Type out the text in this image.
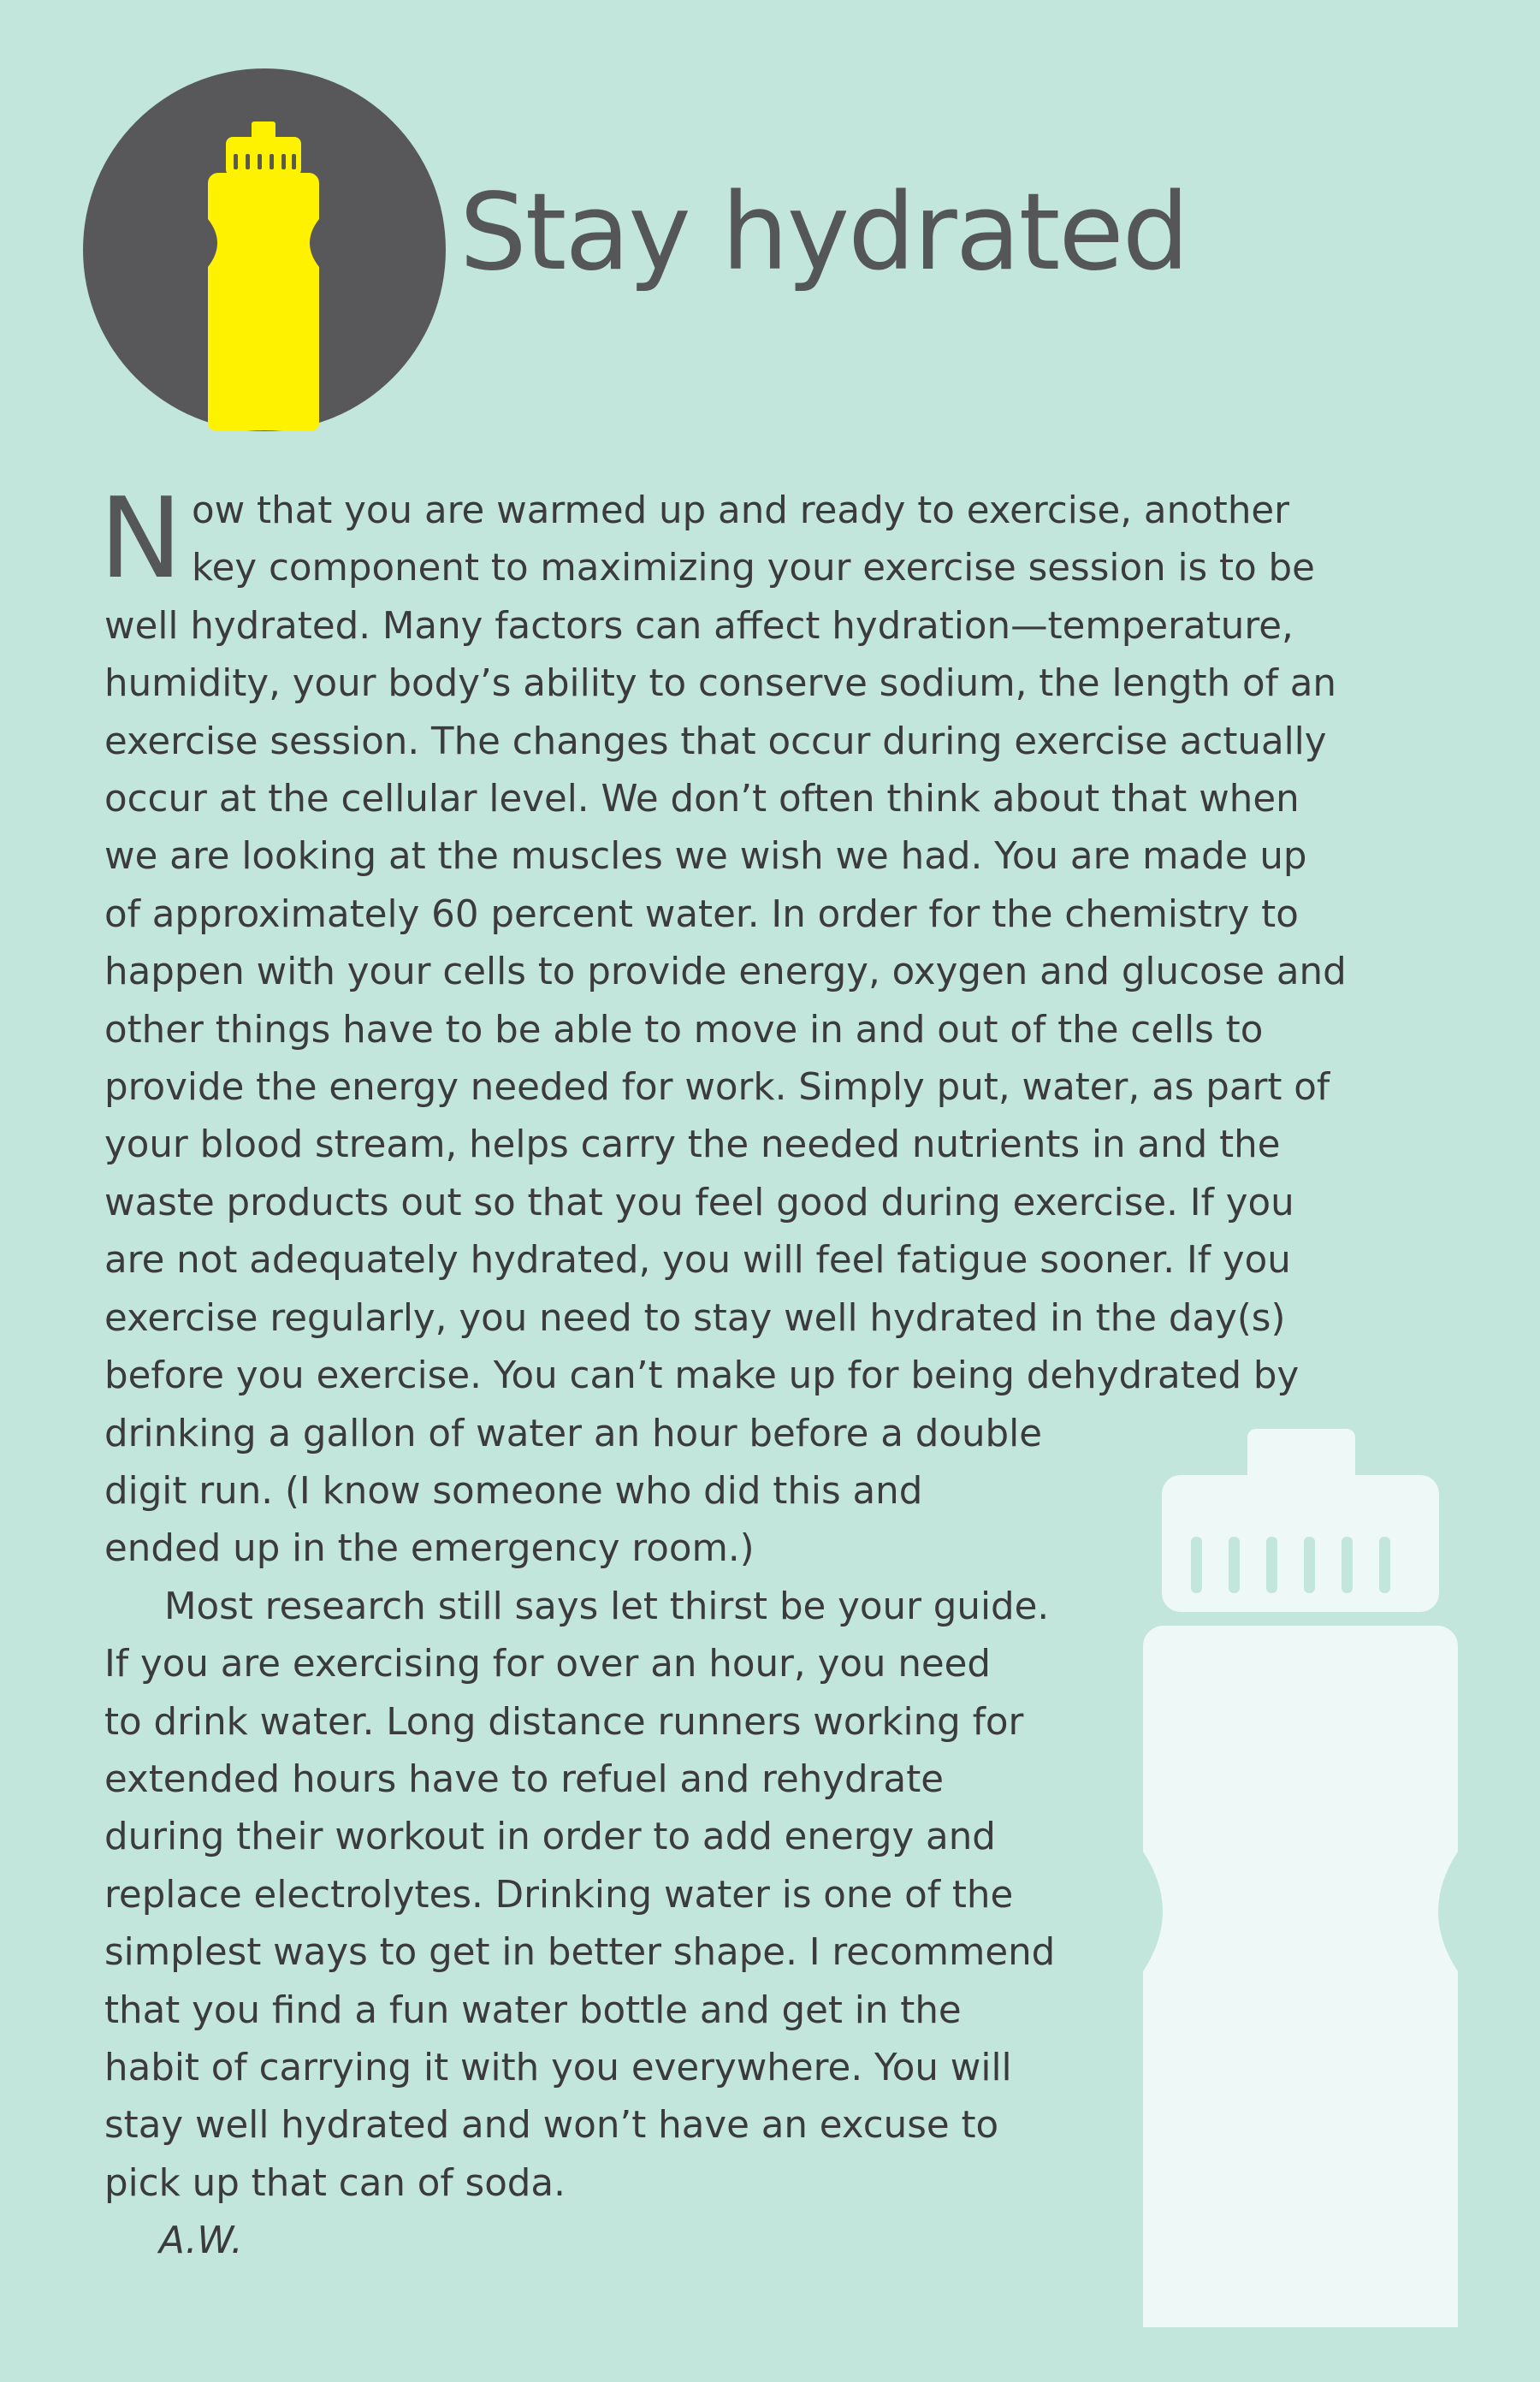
Stay hydrated
N ow that you are warmed up and ready to exercise, another
key component to maximizing your exercise session is to be
well hydrated. Many factors can affect hydration—temperature,
humidity, your body’s ability to conserve sodium, the length of an
exercise session. The changes that occur during exercise actually
occur at the cellular level. We don’t often think about that when
we are looking at the muscles we wish we had. You are made up
of approximately 60 percent water. In order for the chemistry to
happen with your cells to provide energy, oxygen and glucose and
other things have to be able to move in and out of the cells to
provide the energy needed for work. Simply put, water, as part of
your blood stream, helps carry the needed nutrients in and the
waste products out so that you feel good during exercise. If you
are not adequately hydrated, you will feel fatigue sooner. If you
exercise regularly, you need to stay well hydrated in the day(s)
before you exercise. You can’t make up for being dehydrated by
drinking a gallon of water an hour before a double
digit run. (I know someone who did this and
ended up in the emergency room.)
Most research still says let thirst be your guide.
If you are exercising for over an hour, you need
to drink water. Long distance runners working for
extended hours have to refuel and rehydrate
during their workout in order to add energy and
replace electrolytes. Drinking water is one of the
simplest ways to get in better shape. I recommend
that you find a fun water bottle and get in the
habit of carrying it with you everywhere. You will
stay well hydrated and won’t have an excuse to
pick up that can of soda.
A.W.
